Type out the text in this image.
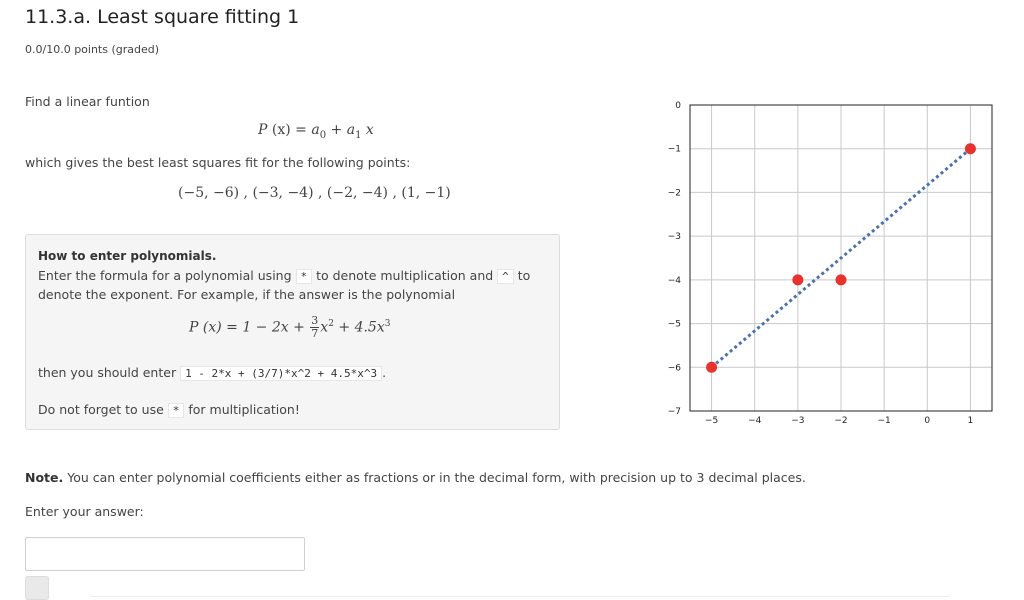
11.3.a. Least square fitting 1
0.0/10.0 points (graded)
Find a linear funtion
P $(x) = a_0 + a_1$ x
which gives the best least squares fit for the following points:
(−5, −6) , (−3, −4) , (−2, −4) , (1, −1)
How to enter polynomials.
Enter the formula for a polynomial using * to denote multiplication and ^ to denote the exponent. For example, if the answer is the polynomial
P $(x) = 1 - 2x + \frac{3}{7} x^2 + 4.5x^3$
then you should enter 1 - 2*x + (3/7)*x^2 + 4.5*x^3 .
Do not forget to use * for multiplication!
−5	−4	−3	−2	−1	0	1
0
−1
−2
−3
−4
−5
−6
−7
Note. You can enter polynomial coefficients either as fractions or in the decimal form, with precision up to 3 decimal places.
Enter your answer:
